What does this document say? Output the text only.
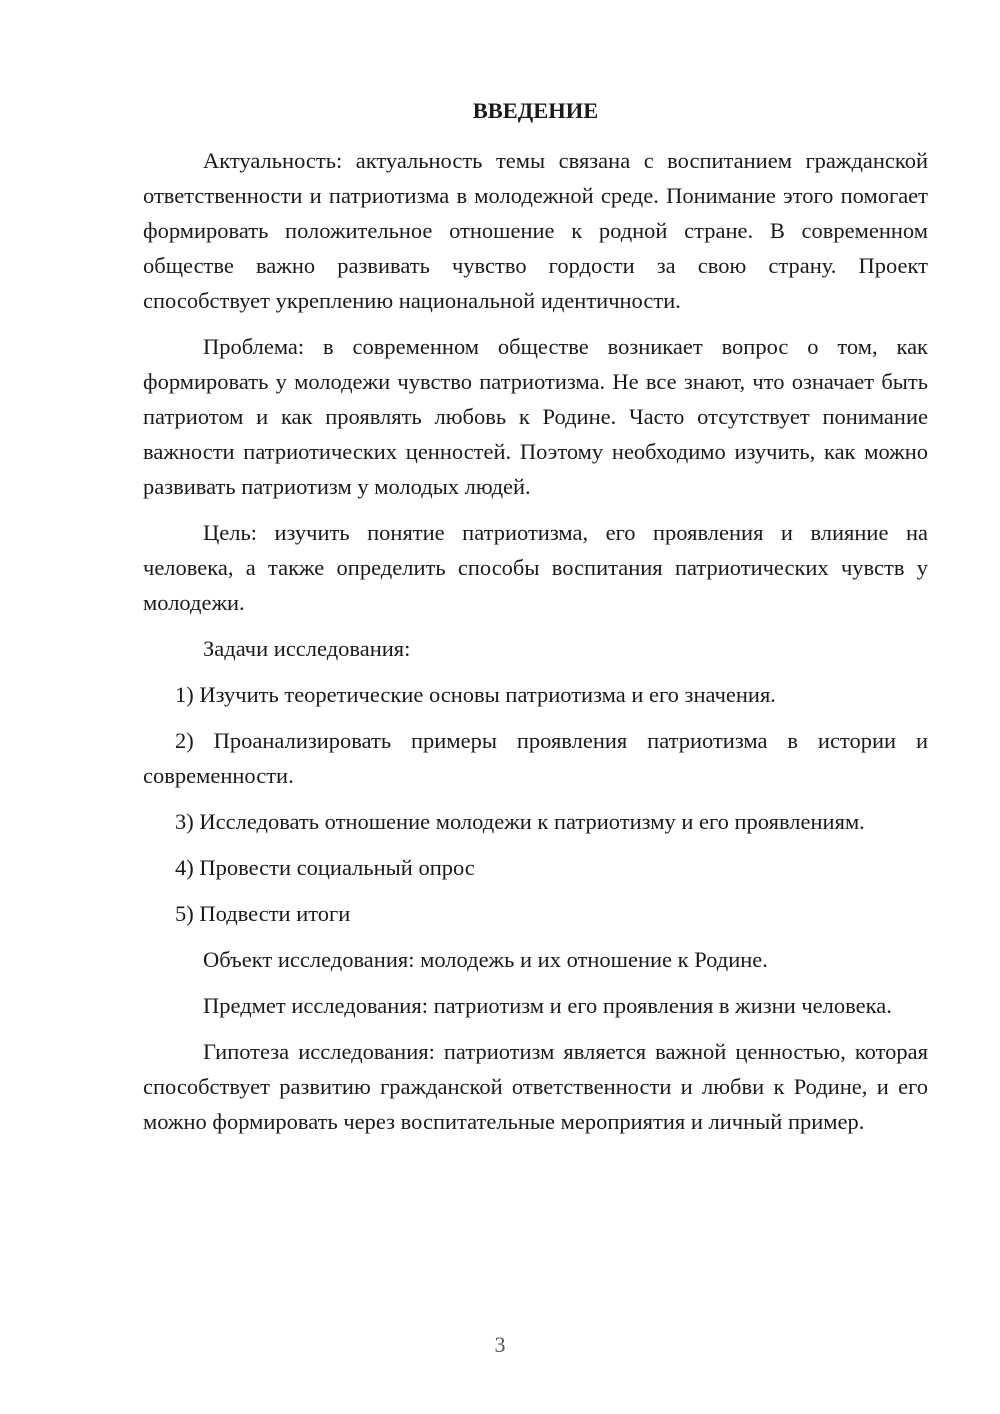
ВВЕДЕНИЕ

Актуальность: актуальность темы связана с воспитанием гражданской ответственности и патриотизма в молодежной среде. Понимание этого помогает формировать положительное отношение к родной стране. В современном обществе важно развивать чувство гордости за свою страну. Проект способствует укреплению национальной идентичности.

Проблема: в современном обществе возникает вопрос о том, как формировать у молодежи чувство патриотизма. Не все знают, что означает быть патриотом и как проявлять любовь к Родине. Часто отсутствует понимание важности патриотических ценностей. Поэтому необходимо изучить, как можно развивать патриотизм у молодых людей.

Цель: изучить понятие патриотизма, его проявления и влияние на человека, а также определить способы воспитания патриотических чувств у молодежи.

Задачи исследования:

1) Изучить теоретические основы патриотизма и его значения.

2) Проанализировать примеры проявления патриотизма в истории и современности.

3) Исследовать отношение молодежи к патриотизму и его проявлениям.

4) Провести социальный опрос

5) Подвести итоги

Объект исследования: молодежь и их отношение к Родине.

Предмет исследования: патриотизм и его проявления в жизни человека.

Гипотеза исследования: патриотизм является важной ценностью, которая способствует развитию гражданской ответственности и любви к Родине, и его можно формировать через воспитательные мероприятия и личный пример.

3
